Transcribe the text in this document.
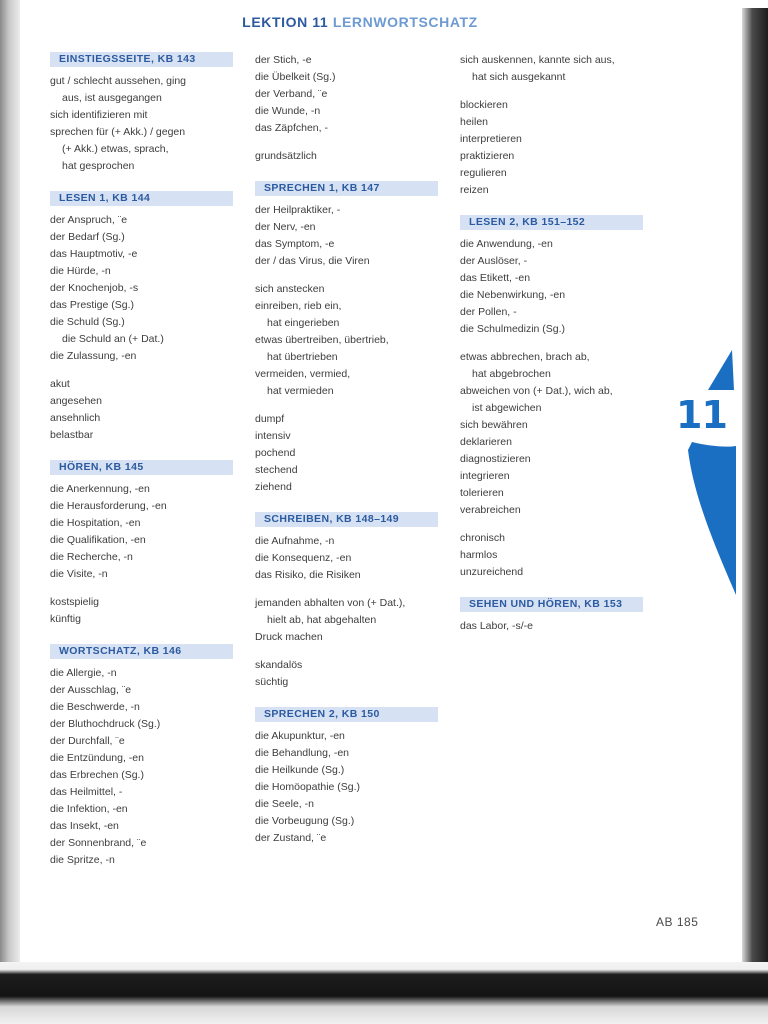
LEKTION 11 LERNWORTSCHATZ
EINSTIEGSSEITE, KB 143
gut / schlecht aussehen, ging
aus, ist ausgegangen
sich identifizieren mit
sprechen für (+ Akk.) / gegen
(+ Akk.) etwas, sprach,
hat gesprochen
LESEN 1, KB 144
der Anspruch, ¨e
der Bedarf (Sg.)
das Hauptmotiv, -e
die Hürde, -n
der Knochenjob, -s
das Prestige (Sg.)
die Schuld (Sg.)
die Schuld an (+ Dat.)
die Zulassung, -en
akut
angesehen
ansehnlich
belastbar
HÖREN, KB 145
die Anerkennung, -en
die Herausforderung, -en
die Hospitation, -en
die Qualifikation, -en
die Recherche, -n
die Visite, -n
kostspielig
künftig
WORTSCHATZ, KB 146
die Allergie, -n
der Ausschlag, ¨e
die Beschwerde, -n
der Bluthochdruck (Sg.)
der Durchfall, ¨e
die Entzündung, -en
das Erbrechen (Sg.)
das Heilmittel, -
die Infektion, -en
das Insekt, -en
der Sonnenbrand, ¨e
die Spritze, -n
der Stich, -e
die Übelkeit (Sg.)
der Verband, ¨e
die Wunde, -n
das Zäpfchen, -
grundsätzlich
SPRECHEN 1, KB 147
der Heilpraktiker, -
der Nerv, -en
das Symptom, -e
der / das Virus, die Viren
sich anstecken
einreiben, rieb ein,
hat eingerieben
etwas übertreiben, übertrieb,
hat übertrieben
vermeiden, vermied,
hat vermieden
dumpf
intensiv
pochend
stechend
ziehend
SCHREIBEN, KB 148–149
die Aufnahme, -n
die Konsequenz, -en
das Risiko, die Risiken
jemanden abhalten von (+ Dat.),
hielt ab, hat abgehalten
Druck machen
skandalös
süchtig
SPRECHEN 2, KB 150
die Akupunktur, -en
die Behandlung, -en
die Heilkunde (Sg.)
die Homöopathie (Sg.)
die Seele, -n
die Vorbeugung (Sg.)
der Zustand, ¨e
sich auskennen, kannte sich aus,
hat sich ausgekannt
blockieren
heilen
interpretieren
praktizieren
regulieren
reizen
LESEN 2, KB 151–152
die Anwendung, -en
der Auslöser, -
das Etikett, -en
die Nebenwirkung, -en
der Pollen, -
die Schulmedizin (Sg.)
etwas abbrechen, brach ab,
hat abgebrochen
abweichen von (+ Dat.), wich ab,
ist abgewichen
sich bewähren
deklarieren
diagnostizieren
integrieren
tolerieren
verabreichen
chronisch
harmlos
unzureichend
SEHEN UND HÖREN, KB 153
das Labor, -s/-e
11
AB 185
